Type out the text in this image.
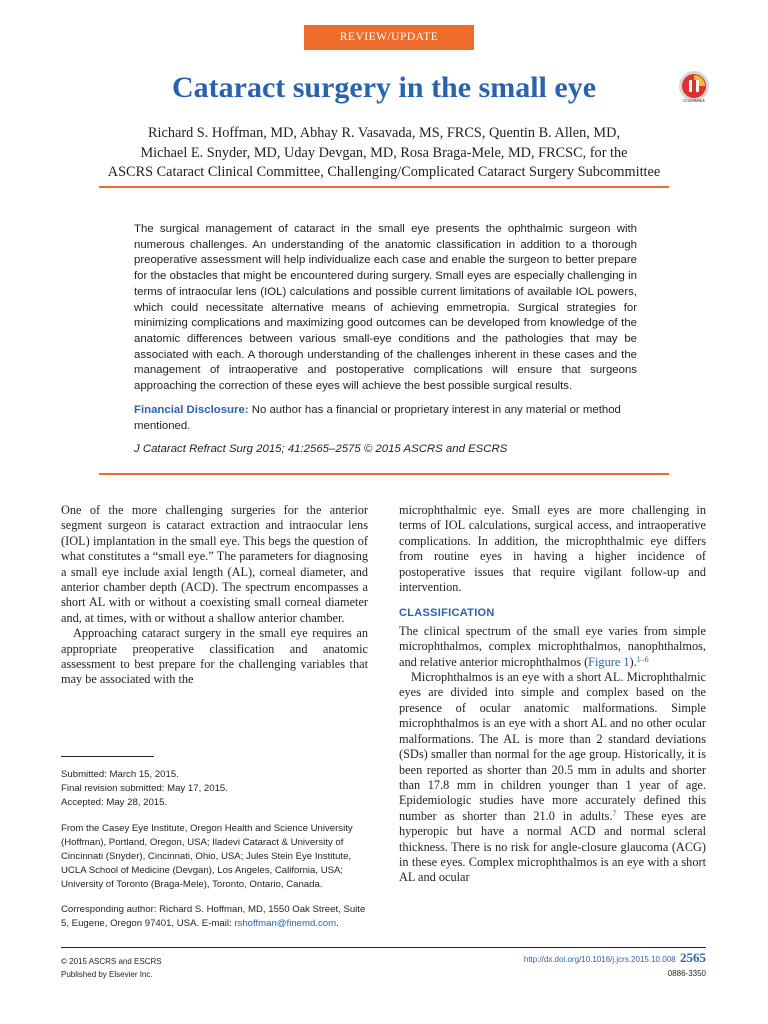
REVIEW/UPDATE
Cataract surgery in the small eye	CrossMark
Richard S. Hoffman, MD, Abhay R. Vasavada, MS, FRCS, Quentin B. Allen, MD,
Michael E. Snyder, MD, Uday Devgan, MD, Rosa Braga-Mele, MD, FRCSC, for the
ASCRS Cataract Clinical Committee, Challenging/Complicated Cataract Surgery Subcommittee

The surgical management of cataract in the small eye presents the ophthalmic surgeon with numerous challenges. An understanding of the anatomic classification in addition to a thorough preoperative assessment will help individualize each case and enable the surgeon to better prepare for the obstacles that might be encountered during surgery. Small eyes are especially challenging in terms of intraocular lens (IOL) calculations and possible current limitations of available IOL powers, which could necessitate alternative means of achieving emmetropia. Surgical strategies for minimizing complications and maximizing good outcomes can be developed from knowledge of the anatomic differences between various small-eye conditions and the pathologies that may be associated with each. A thorough understanding of the challenges inherent in these cases and the management of intraoperative and postoperative complications will ensure that surgeons approaching the correction of these eyes will achieve the best possible surgical results.

Financial Disclosure: No author has a financial or proprietary interest in any material or method mentioned.
J Cataract Refract Surg 2015; 41:2565–2575 © 2015 ASCRS and ESCRS

One of the more challenging surgeries for the anterior segment surgeon is cataract extraction and intraocular lens (IOL) implantation in the small eye. This begs the question of what constitutes a “small eye.” The parameters for diagnosing a small eye include axial length (AL), corneal diameter, and anterior chamber depth (ACD). The spectrum encompasses a short AL with or without a coexisting small corneal diameter and, at times, with or without a shallow anterior chamber.

Approaching cataract surgery in the small eye requires an appropriate preoperative classification and anatomic assessment to best prepare for the challenging variables that may be associated with the

microphthalmic eye. Small eyes are more challenging in terms of IOL calculations, surgical access, and intraoperative complications. In addition, the microphthalmic eye differs from routine eyes in having a higher incidence of postoperative issues that require vigilant follow-up and intervention.

CLASSIFICATION

The clinical spectrum of the small eye varies from simple microphthalmos, complex microphthalmos, nanophthalmos, and relative anterior microphthalmos (Figure 1).$^{1-6}$

Microphthalmos is an eye with a short AL. Microphthalmic eyes are divided into simple and complex based on the presence of ocular anatomic malformations. Simple microphthalmos is an eye with a short AL and no other ocular malformations. The AL is more than 2 standard deviations (SDs) smaller than normal for the age group. Historically, it is been reported as shorter than 20.5 mm in adults and shorter than 17.8 mm in children younger than 1 year of age. Epidemiologic studies have more accurately defined this number as shorter than 21.0 in adults.$^7$ These eyes are hyperopic but have a normal ACD and normal scleral thickness. There is no risk for angle-closure glaucoma (ACG) in these eyes. Complex microphthalmos is an eye with a short AL and ocular

Submitted: March 15, 2015.

Final revision submitted: May 17, 2015.

Accepted: May 28, 2015.

From the Casey Eye Institute, Oregon Health and Science University (Hoffman), Portland, Oregon, USA; Iladevi Cataract & University of Cincinnati (Snyder), Cincinnati, Ohio, USA; Jules Stein Eye Institute, UCLA School of Medicine (Devgan), Los Angeles, California, USA; University of Toronto (Braga-Mele), Toronto, Ontario, Canada.

Corresponding author: Richard S. Hoffman, MD, 1550 Oak Street, Suite 5, Eugene, Oregon 97401, USA. E-mail: rshoffman@finemd.com.

© 2015 ASCRS and ESCRS
Published by Elsevier Inc.
http://dx.doi.org/10.1016/j.jcrs.2015.10.008 2565
0886-3350
